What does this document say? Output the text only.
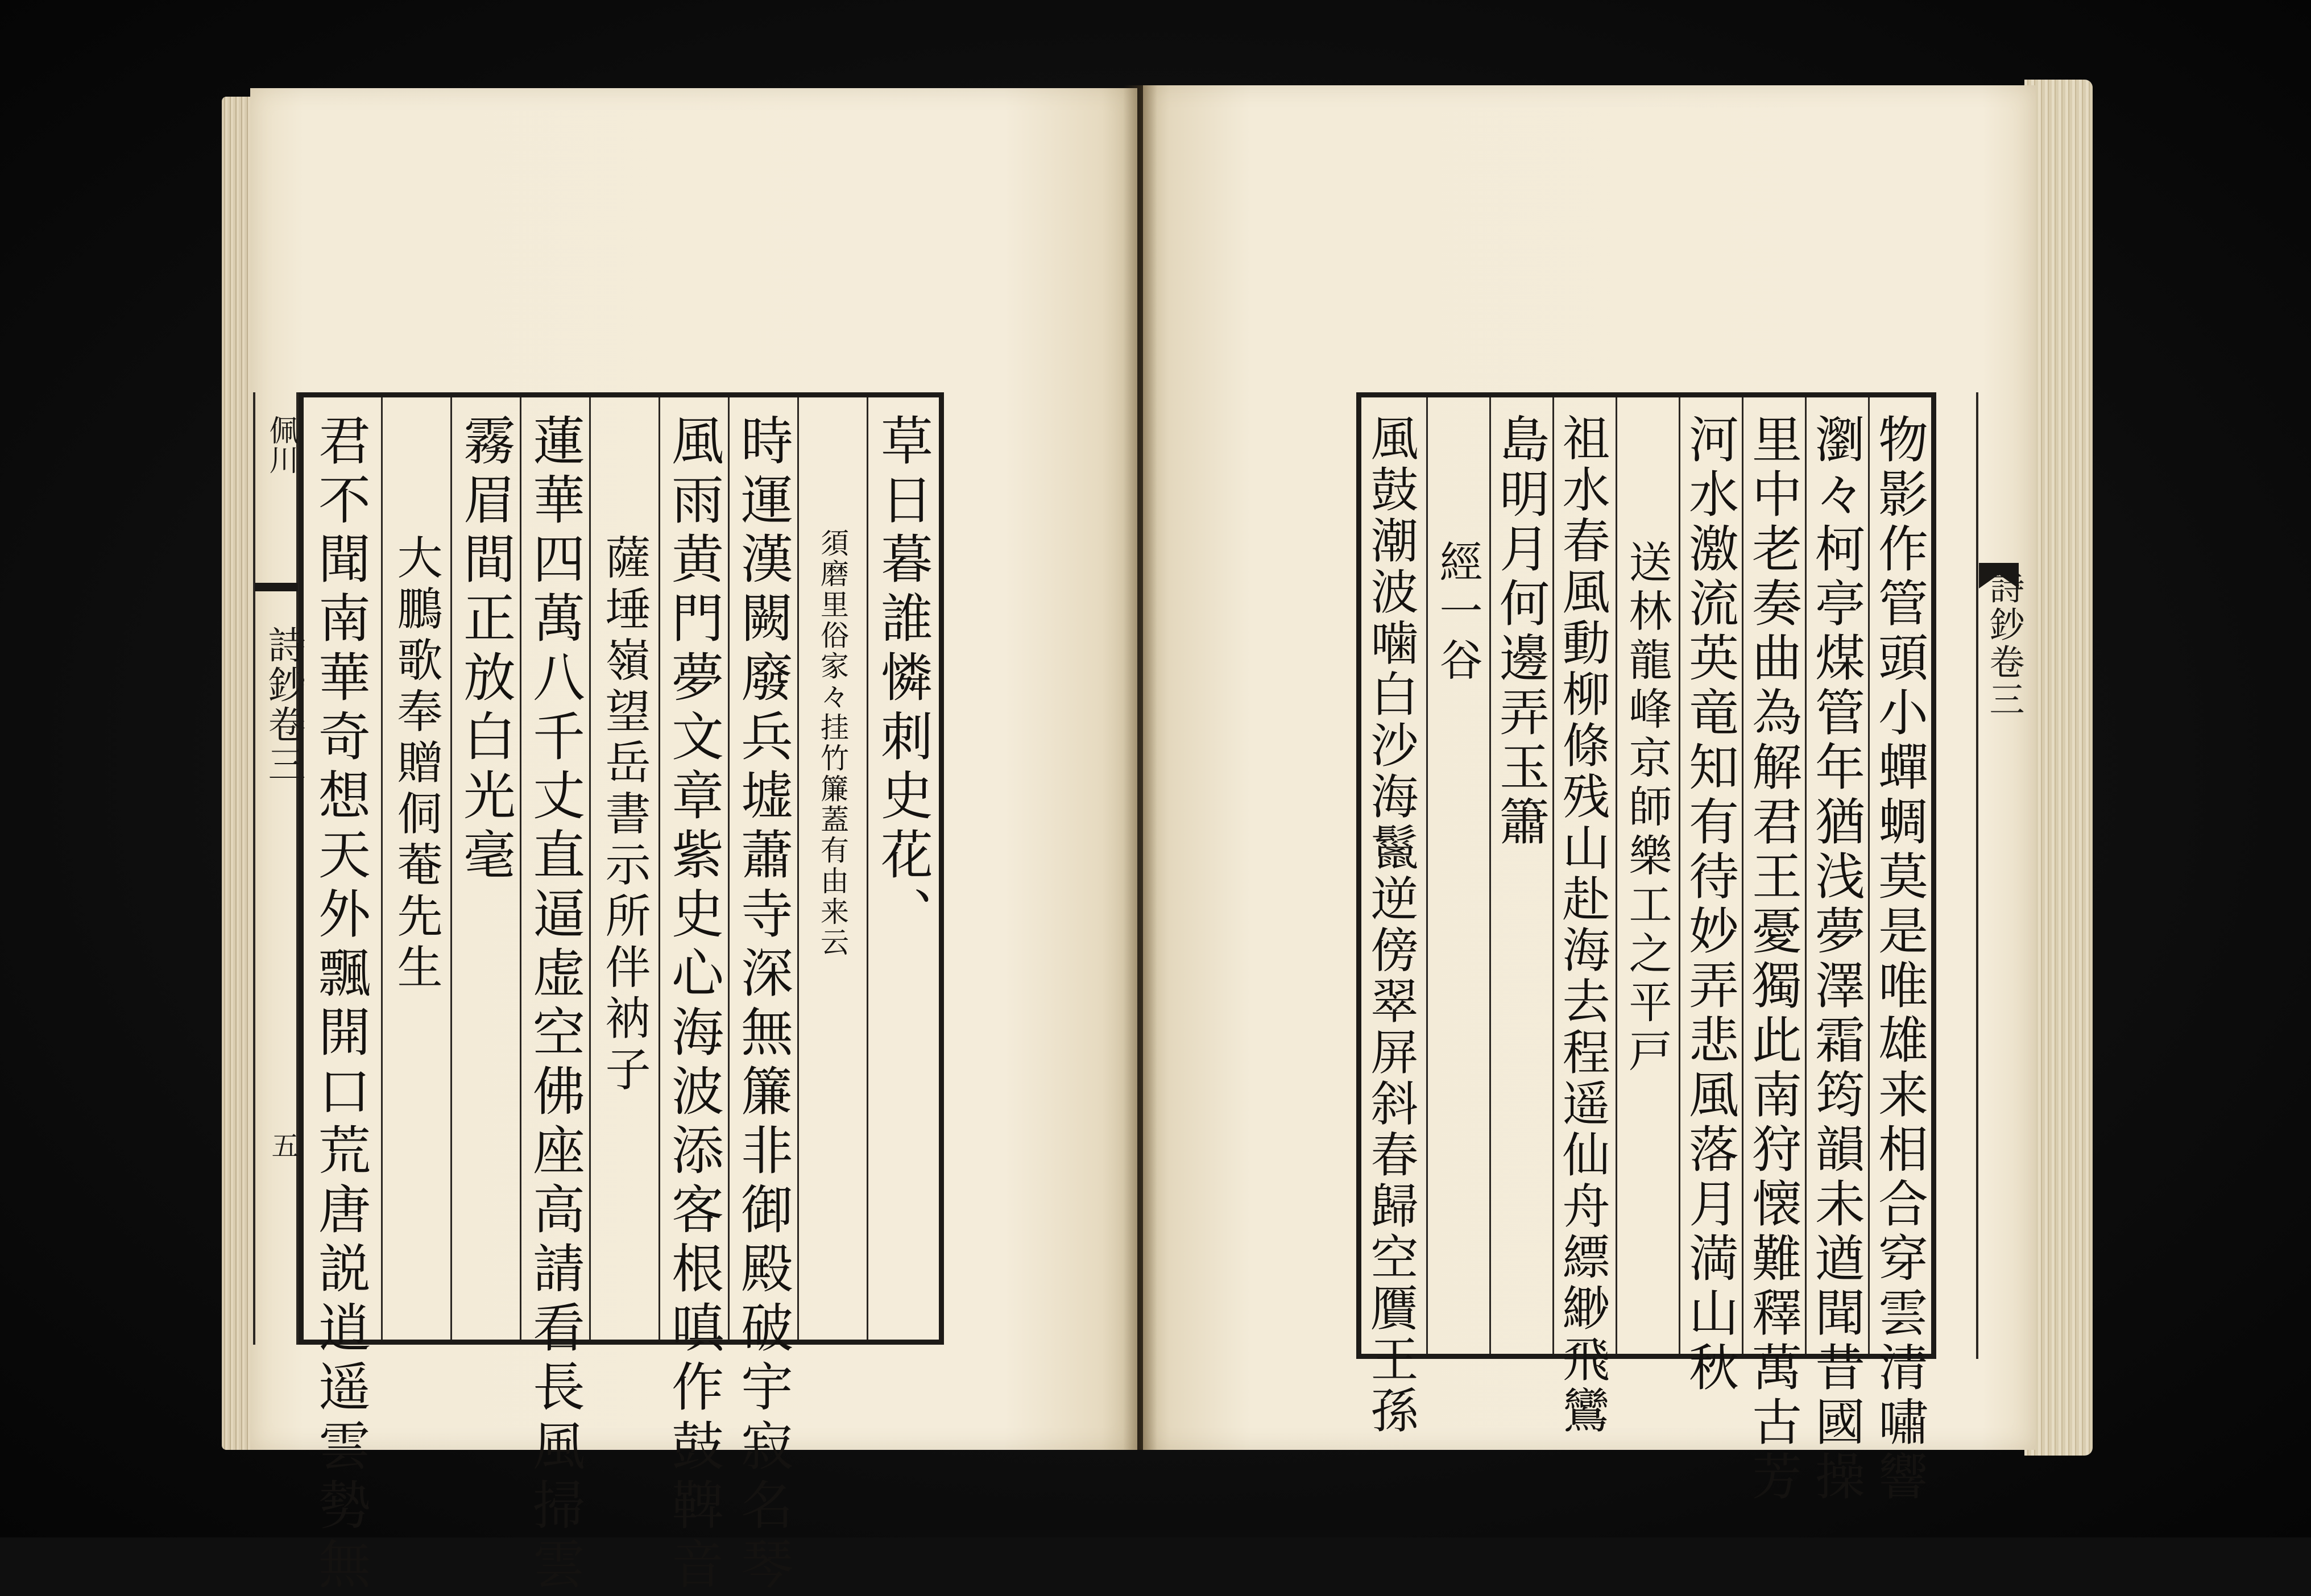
佩川
詩鈔卷三
五
草日暮誰憐刺史花、
須磨里俗家々挂竹簾蓋有由来云
時運漢闕廢兵墟蕭寺深無簾非御殿破宇寂名琴
風雨黄門夢文章紫史心海波添客根嗔作鼓鞞音
薩埵嶺望岳書示所伴衲子
蓮華四萬八千丈直逼虚空佛座高請看長風掃雲
霧眉間正放白光毫
大鵬歌奉贈侗菴先生
君不聞南華奇想天外飄開口荒唐説逍遥雲勢無	物影作管頭小蟬蜩莫是唯雄来相合穿雲清嘯響
瀏々柯亭煤管年猶浅夢澤霜筠韻未遒聞昔國操
里中老奏曲為解君王憂獨此南狩懐難釋萬古芳
河水激流英竜知有待妙弄悲風落月満山秋
送林龍峰京師樂工之平戸
祖水春風動柳條残山赴海去程遥仙舟縹緲飛鸞
島明月何邊弄玉簫
經一谷
風鼓潮波噛白沙海鬣逆傍翠屏斜春歸空贋王孫	詩鈔卷三
